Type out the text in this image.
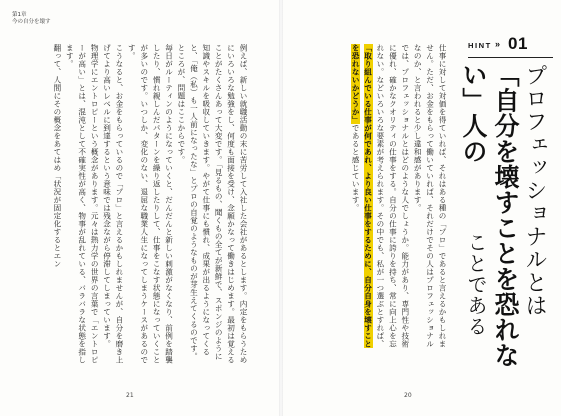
第1章
今の自分を壊す

例えば、新しい就職活動の末に苦労して入社した会社があるとします。内定をもらうためにいろいろな勉強をし、何度も面接を受け、念願かなって働きはじめます。最初は覚えることがたくさんあって大変です。「見るもの、聞くもの全てが新鮮で、スポンジのように知識やスキルを吸収していきます。やがて仕事にも慣れ、成果が出るようになってくると、「俺（私）も一人前になったな」とプロの自覚のようなものが芽生えてくるのです。ところが、問題はここからです。

毎日がルーティンのようになっていくと、だんだんと新しい刺激がなくなり、前例を踏襲したり、慣れ親しんだパターンを繰り返したりして、仕事をこなす状態になっていくことが多いのです。いつしか、変化のない、退屈な職業人生になってしまうケースがあるのです。

こうなると、お金をもらっているので「プロ」と言えるかもしれませんが、自分を磨き上げてより高いレベルに到達するという意味では残念ながら停滞してしまっています。

物理学にエントロピーという概念があります。元々は熱力学の世界の言葉で「エントロピーが高い」とは、混沌として不確実性が高く、物事が乱れている、バラバラな状態を指します。

翻って、人間にその概念をあてはめ「状況が固定化するとエン

21
HINT » 01
プロフェッショナルとは
「自分を壊すことを恐れない」人の
ことである

仕事に対して対価を得ていれば、それはある種の「プロ」であると言えるかもしれません。ただ、お金をもらって働いていれば、それだけでその人はプロフェッショナルなのか、と言われると少し違和感があります。

では、プロフェッショナルとはどのような人でしょうか。能力があり、専門性や技術に優れ、確かなクオリティの仕事をする。自分の仕事に誇りを持ち、常に向上心を忘れない。などいろいろな要素が考えられます。その中でも、私が一つ選ぶとすれば、「取り組んでいる仕事が何であれ、より良い仕事をするために、自分自身を壊すことを恐れないかどうか」であると感じています。

20
